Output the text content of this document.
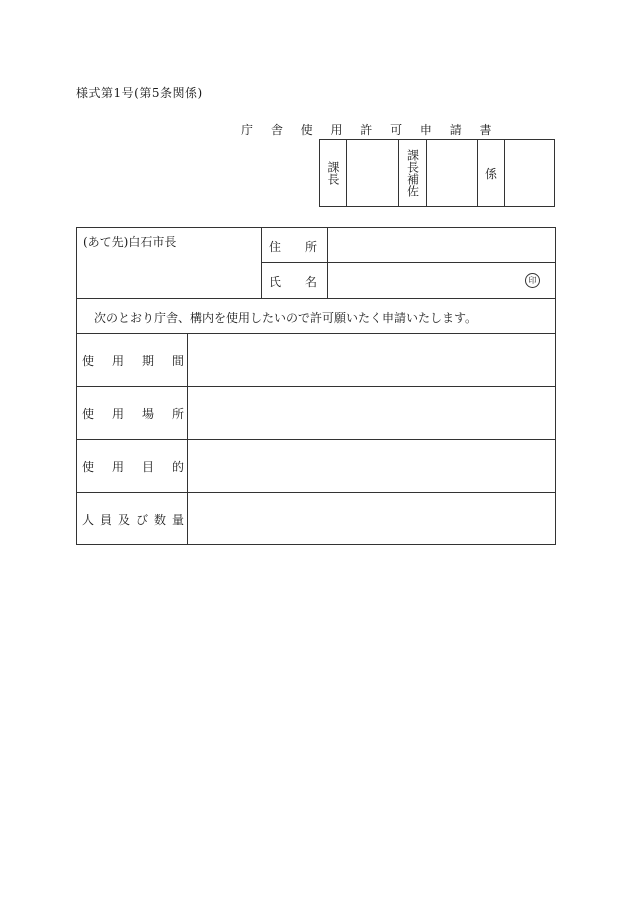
様式第1号(第5条関係)
庁 舎 使 用 許 可 申 請 書
課長	課長補佐	係
(あて先)白石市長	住　　所
氏　　名	印
次のとおり庁舎、構内を使用したいので許可願いたく申請いたします。
使　用　期　間
使　用　場　所
使　用　目　的
人員及び数量
